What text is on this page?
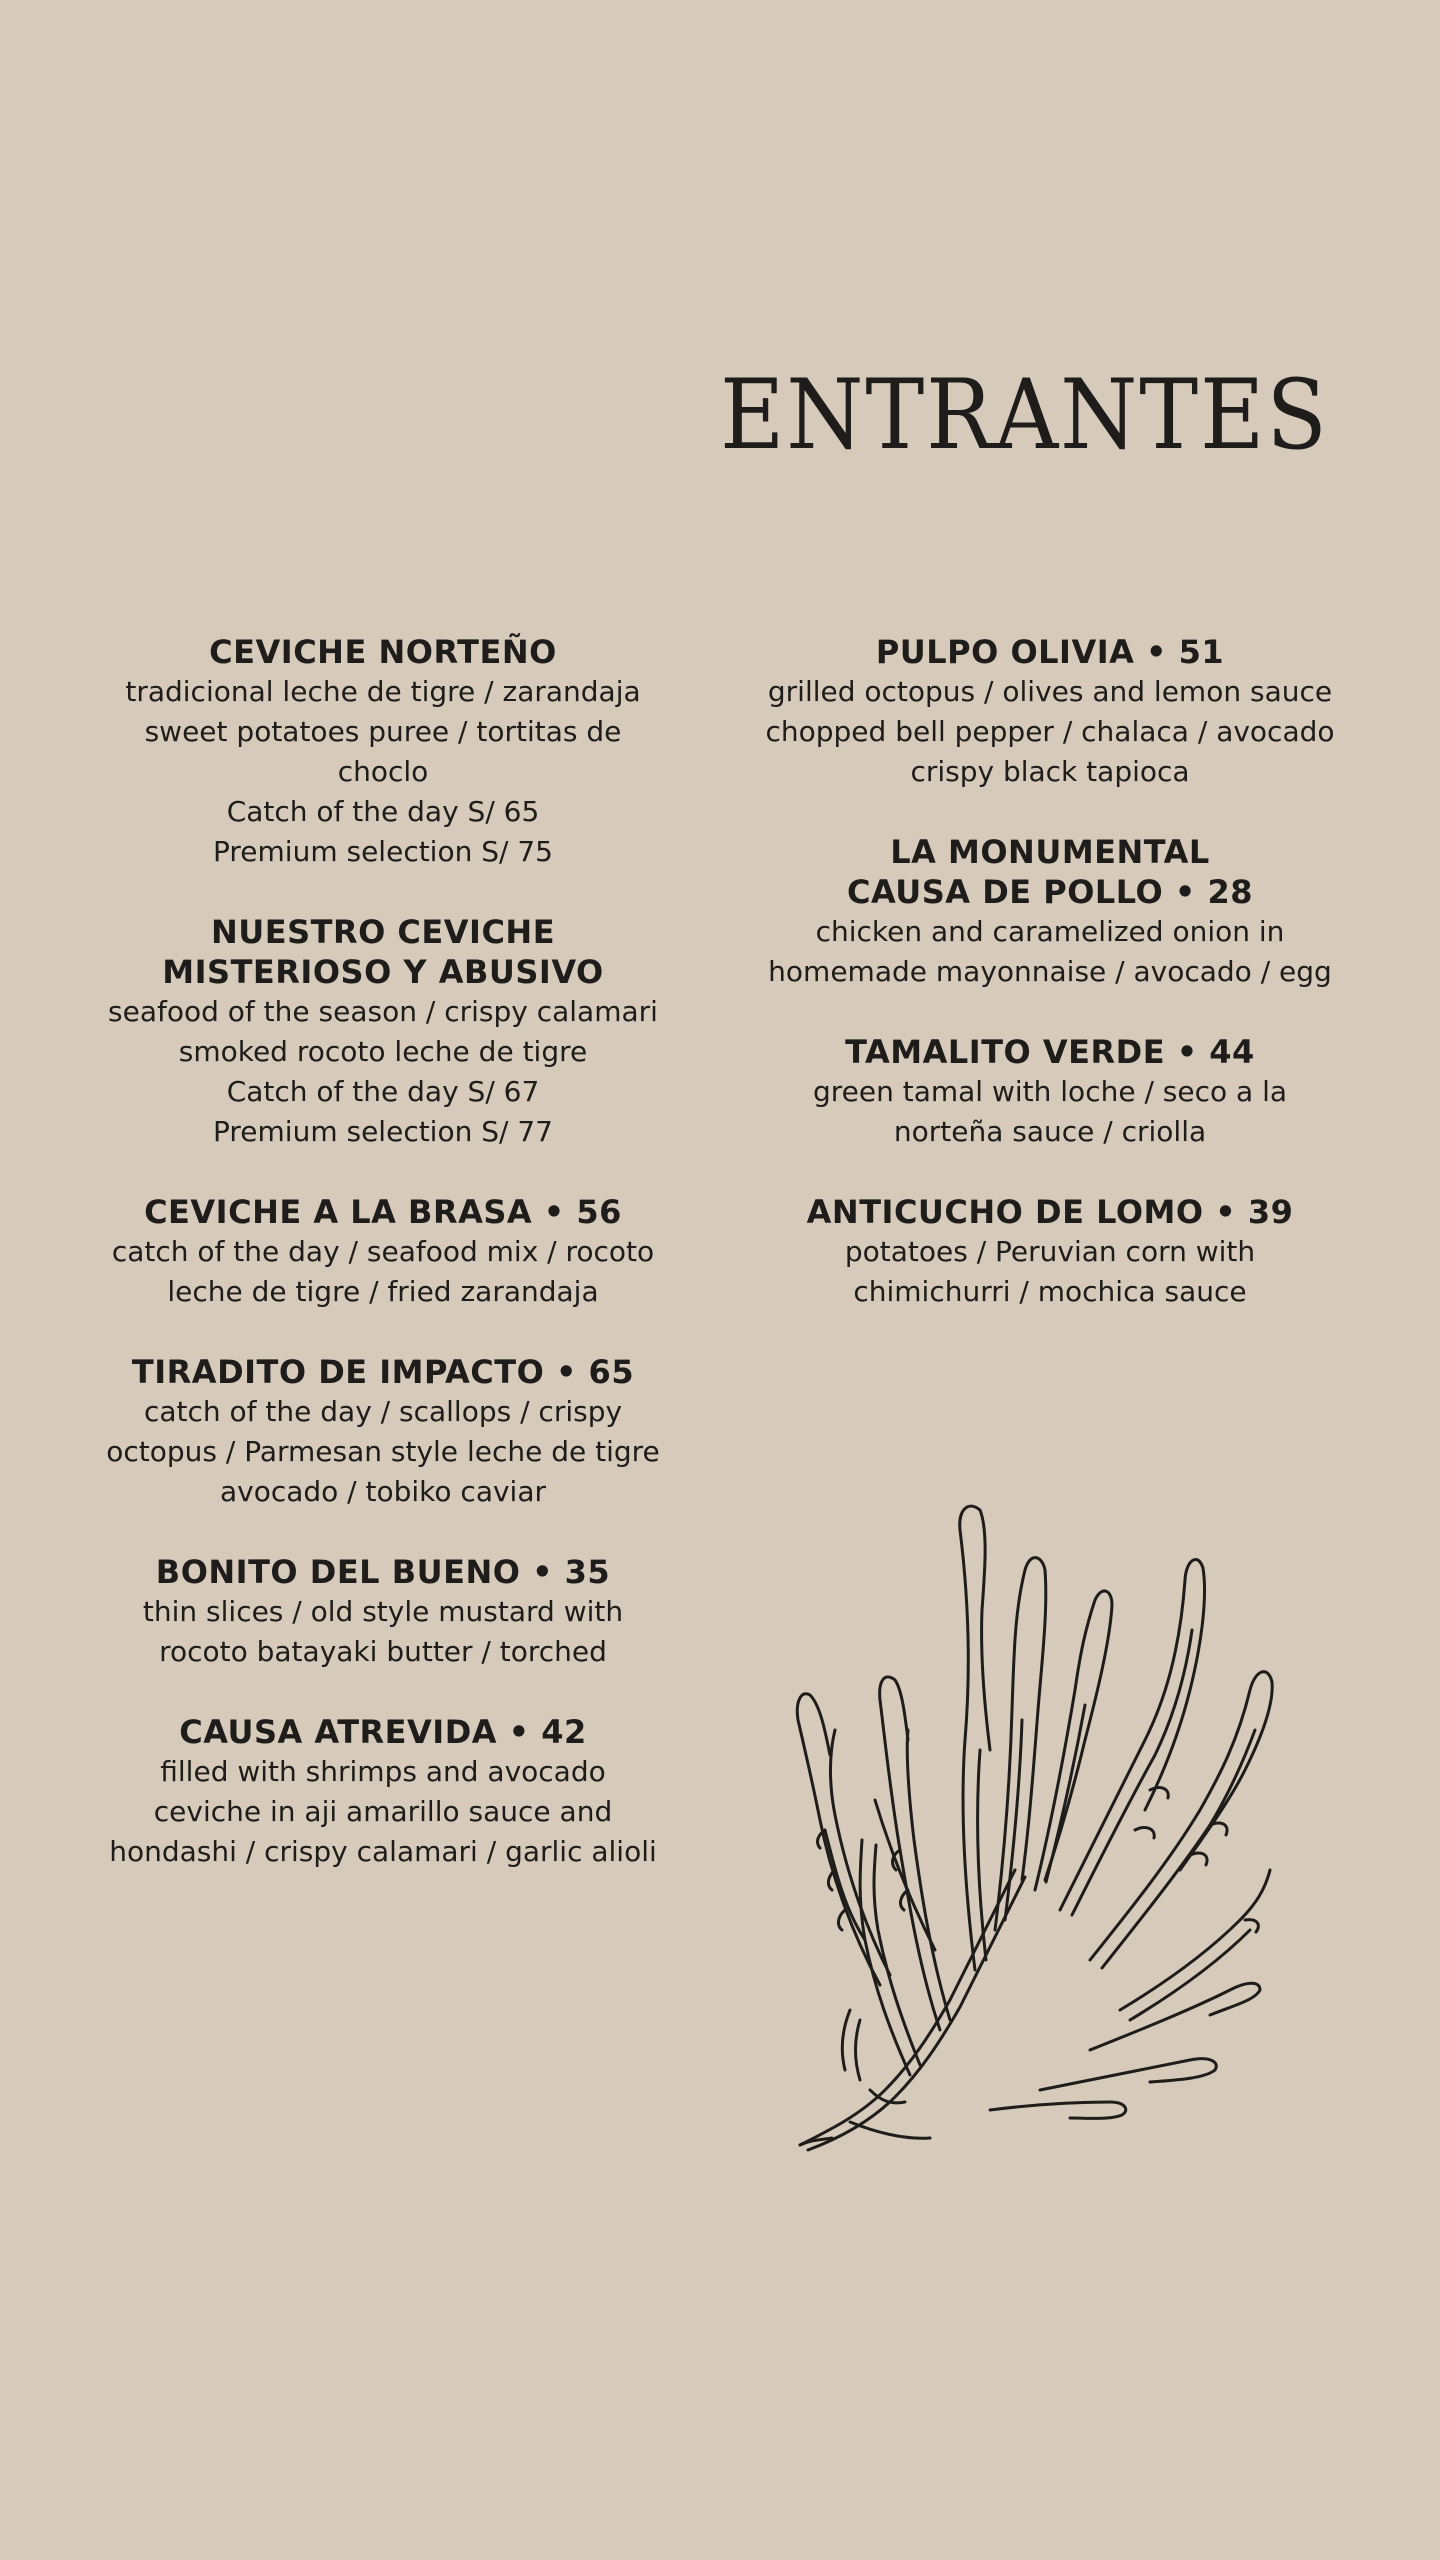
ENTRANTES
CEVICHE NORTEÑO
tradicional leche de tigre / zarandaja
sweet potatoes puree / tortitas de
choclo
Catch of the day S/ 65
Premium selection S/ 75
NUESTRO CEVICHE
MISTERIOSO Y ABUSIVO
seafood of the season / crispy calamari
smoked rocoto leche de tigre
Catch of the day S/ 67
Premium selection S/ 77
CEVICHE A LA BRASA • 56
catch of the day / seafood mix / rocoto
leche de tigre / fried zarandaja
TIRADITO DE IMPACTO • 65
catch of the day / scallops / crispy
octopus / Parmesan style leche de tigre
avocado / tobiko caviar
BONITO DEL BUENO • 35
thin slices / old style mustard with
rocoto batayaki butter / torched
CAUSA ATREVIDA • 42
filled with shrimps and avocado
ceviche in aji amarillo sauce and
hondashi / crispy calamari / garlic alioli
PULPO OLIVIA • 51
grilled octopus / olives and lemon sauce
chopped bell pepper / chalaca / avocado
crispy black tapioca
LA MONUMENTAL
CAUSA DE POLLO • 28
chicken and caramelized onion in
homemade mayonnaise / avocado / egg
TAMALITO VERDE • 44
green tamal with loche / seco a la
norteña sauce / criolla
ANTICUCHO DE LOMO • 39
potatoes / Peruvian corn with
chimichurri / mochica sauce
